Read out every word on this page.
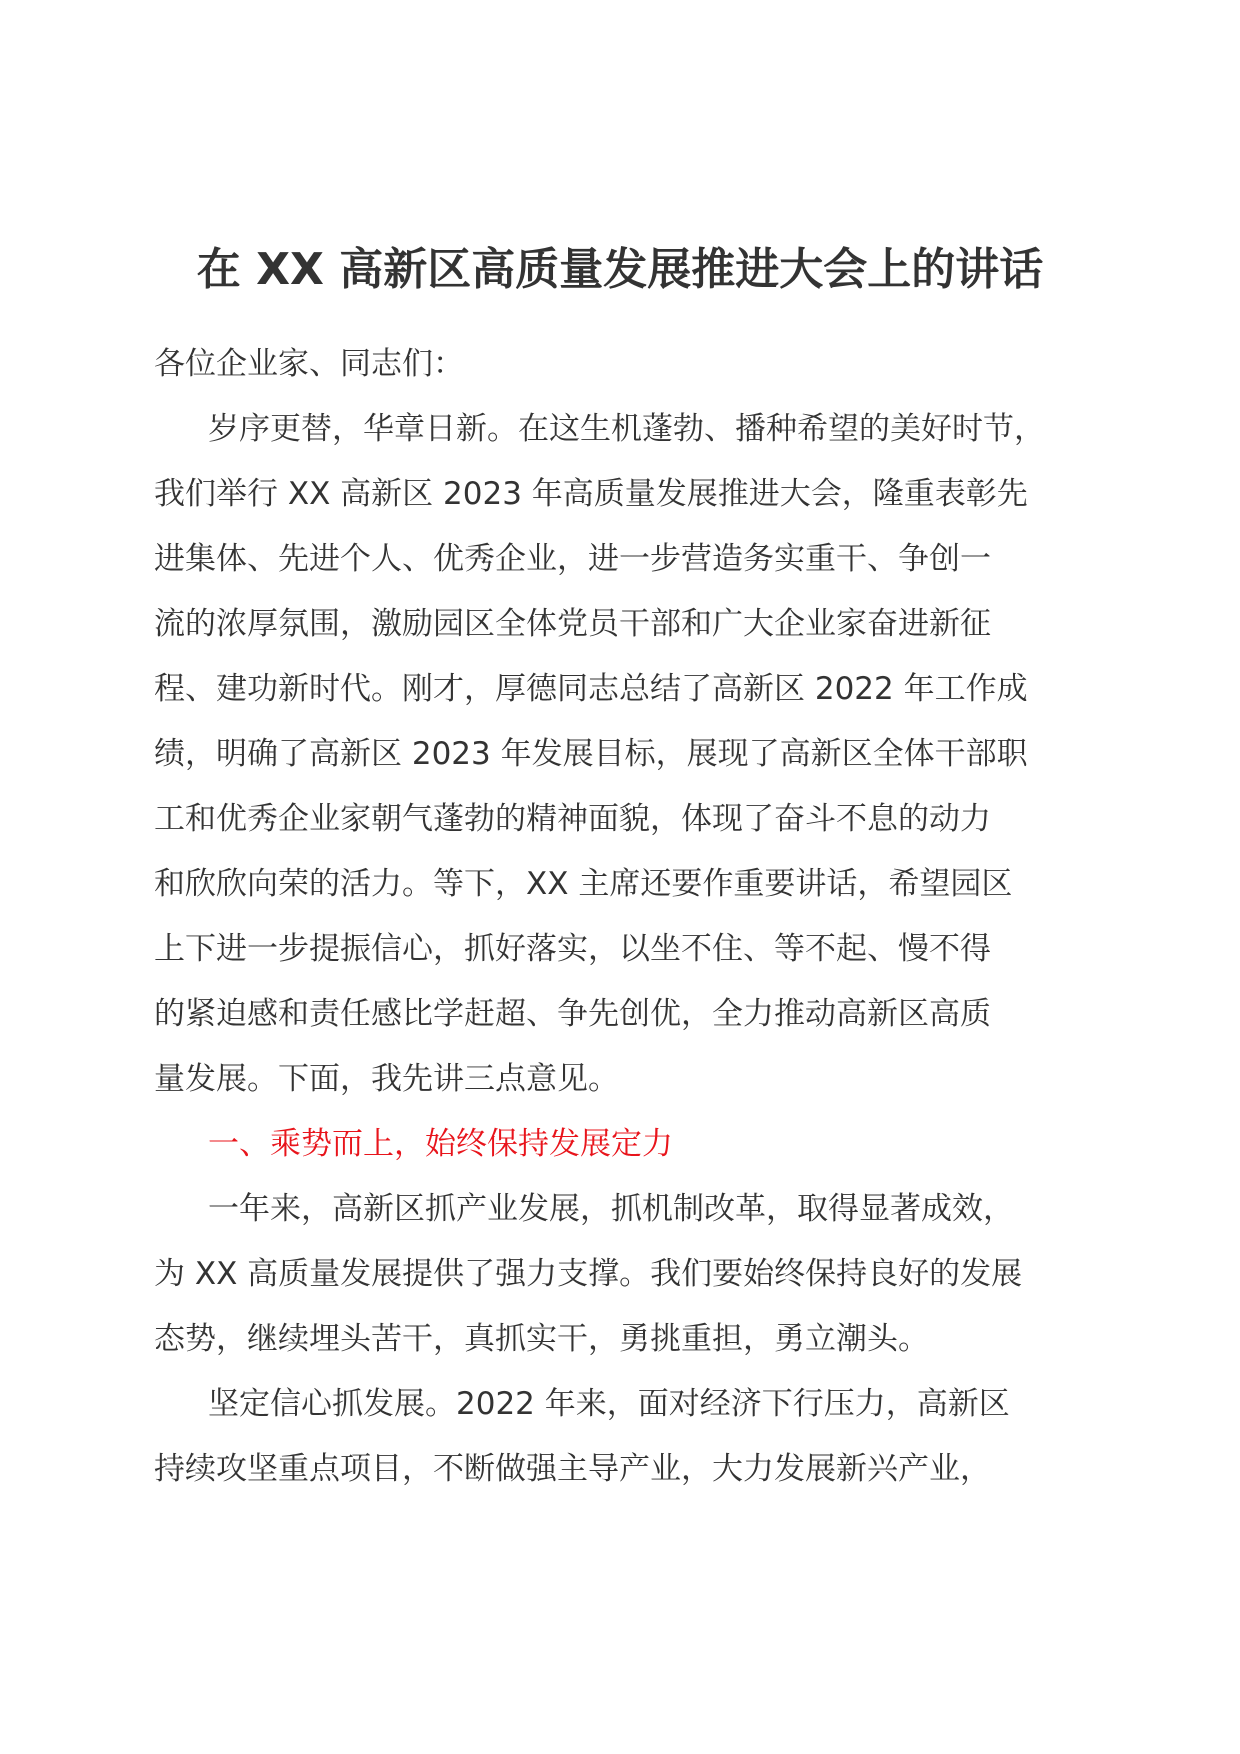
在 XX 高新区高质量发展推进大会上的讲话
各位企业家、同志们：
岁序更替，华章日新。在这生机蓬勃、播种希望的美好时节，
我们举行 XX 高新区 2023 年高质量发展推进大会，隆重表彰先
进集体、先进个人、优秀企业，进一步营造务实重干、争创一
流的浓厚氛围，激励园区全体党员干部和广大企业家奋进新征
程、建功新时代。刚才，厚德同志总结了高新区 2022 年工作成
绩，明确了高新区 2023 年发展目标，展现了高新区全体干部职
工和优秀企业家朝气蓬勃的精神面貌，体现了奋斗不息的动力
和欣欣向荣的活力。等下，XX 主席还要作重要讲话，希望园区
上下进一步提振信心，抓好落实，以坐不住、等不起、慢不得
的紧迫感和责任感比学赶超、争先创优，全力推动高新区高质
量发展。下面，我先讲三点意见。
一、乘势而上，始终保持发展定力
一年来，高新区抓产业发展，抓机制改革，取得显著成效，
为 XX 高质量发展提供了强力支撑。我们要始终保持良好的发展
态势，继续埋头苦干，真抓实干，勇挑重担，勇立潮头。
坚定信心抓发展。2022 年来，面对经济下行压力，高新区
持续攻坚重点项目，不断做强主导产业，大力发展新兴产业，
